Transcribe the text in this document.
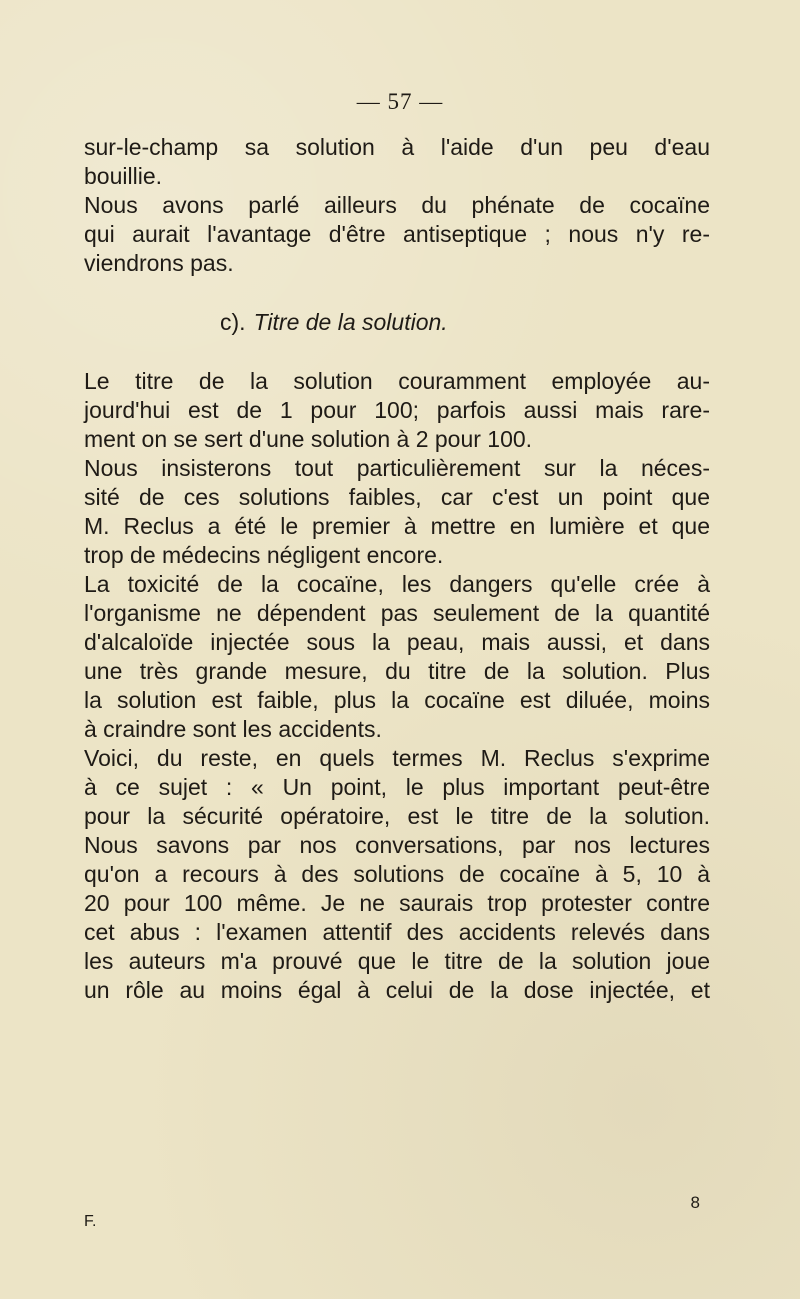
— 57 —

sur-le-champ sa solution à l'aide d'un peu d'eau
bouillie.

Nous avons parlé ailleurs du phénate de cocaïne
qui aurait l'avantage d'être antiseptique ; nous n'y re-
viendrons pas.

c). Titre de la solution.

Le titre de la solution couramment employée au-
jourd'hui est de 1 pour 100; parfois aussi mais rare-
ment on se sert d'une solution à 2 pour 100.

Nous insisterons tout particulièrement sur la néces-
sité de ces solutions faibles, car c'est un point que
M. Reclus a été le premier à mettre en lumière et que
trop de médecins négligent encore.

La toxicité de la cocaïne, les dangers qu'elle crée à
l'organisme ne dépendent pas seulement de la quantité
d'alcaloïde injectée sous la peau, mais aussi, et dans
une très grande mesure, du titre de la solution. Plus
la solution est faible, plus la cocaïne est diluée, moins
à craindre sont les accidents.

Voici, du reste, en quels termes M. Reclus s'exprime
à ce sujet : « Un point, le plus important peut-être
pour la sécurité opératoire, est le titre de la solution.
Nous savons par nos conversations, par nos lectures
qu'on a recours à des solutions de cocaïne à 5, 10 à
20 pour 100 même. Je ne saurais trop protester contre
cet abus : l'examen attentif des accidents relevés dans
les auteurs m'a prouvé que le titre de la solution joue
un rôle au moins égal à celui de la dose injectée, et

F.
8
